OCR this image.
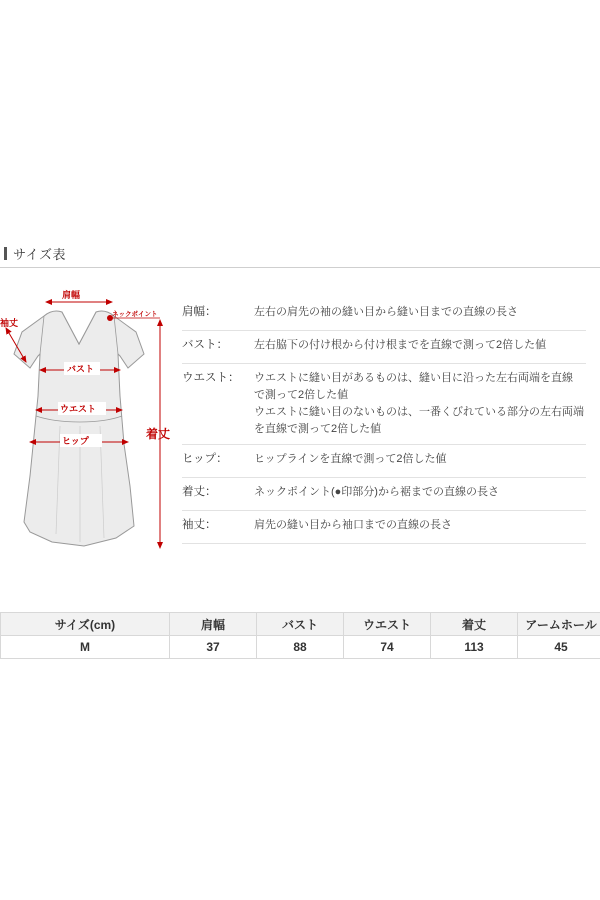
サイズ表
肩幅
ネックポイント
袖丈
バスト
ウエスト
ヒップ	着丈
肩幅：	左右の肩先の袖の縫い目から縫い目までの直線の長さ
バスト：	左右脇下の付け根から付け根までを直線で測って2倍した値
ウエスト：	ウエストに縫い目があるものは、縫い目に沿った左右両端を直線
で測って2倍した値
ウエストに縫い目のないものは、一番くびれている部分の左右両端
を直線で測って2倍した値
ヒップ：	ヒップラインを直線で測って2倍した値
着丈：	ネックポイント(●印部分)から裾までの直線の長さ
袖丈：	肩先の縫い目から袖口までの直線の長さ
サイズ(cm)	肩幅	バスト	ウエスト	着丈	アームホール
M	37	88	74	113	45
